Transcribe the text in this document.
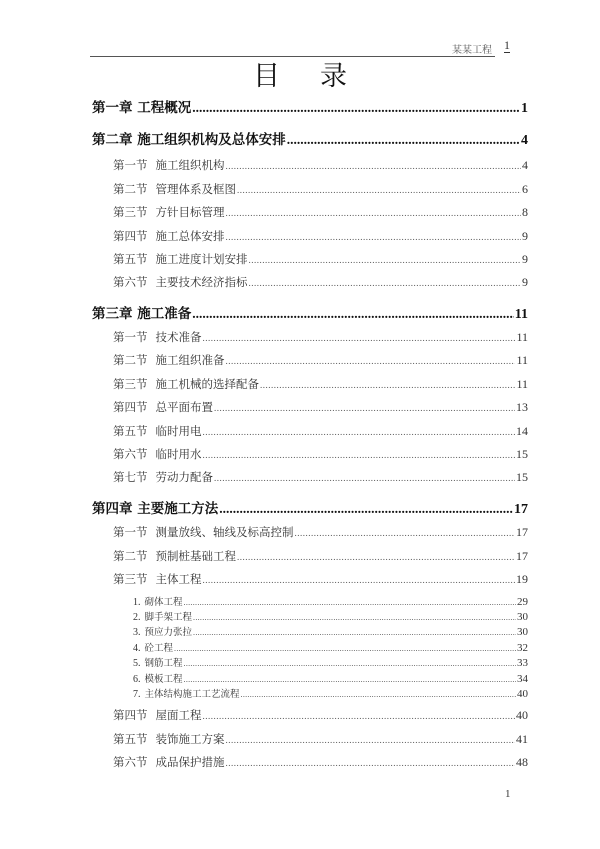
某某工程 1
目录
第一章 工程概况 .....	1
第二章 施工组织机构及总体安排 .....	4
第一节 施工组织机构 .....	4
第二节 管理体系及框图 .....	6
第三节 方针目标管理 .....	8
第四节 施工总体安排 .....	9
第五节 施工进度计划安排 .....	9
第六节 主要技术经济指标 .....	9
第三章 施工准备 .....	11
第一节 技术准备 .....	11
第二节 施工组织准备 .....	11
第三节 施工机械的选择配备 .....	11
第四节 总平面布置 .....	13
第五节 临时用电 .....	14
第六节 临时用水 .....	15
第七节 劳动力配备 .....	15
第四章 主要施工方法 .....	17
第一节 测量放线、轴线及标高控制 .....	17
第二节 预制桩基础工程 .....	17
第三节 主体工程 .....	19
1. 砌体工程 .....	29
2. 脚手架工程 .....	30
3. 预应力张拉 .....	30
4. 砼工程 .....	32
5. 钢筋工程 .....	33
6. 模板工程 .....	34
7. 主体结构施工工艺流程 .....	40
第四节 屋面工程 .....	40
第五节 装饰施工方案 .....	41
第六节 成品保护措施 .....	48
1
